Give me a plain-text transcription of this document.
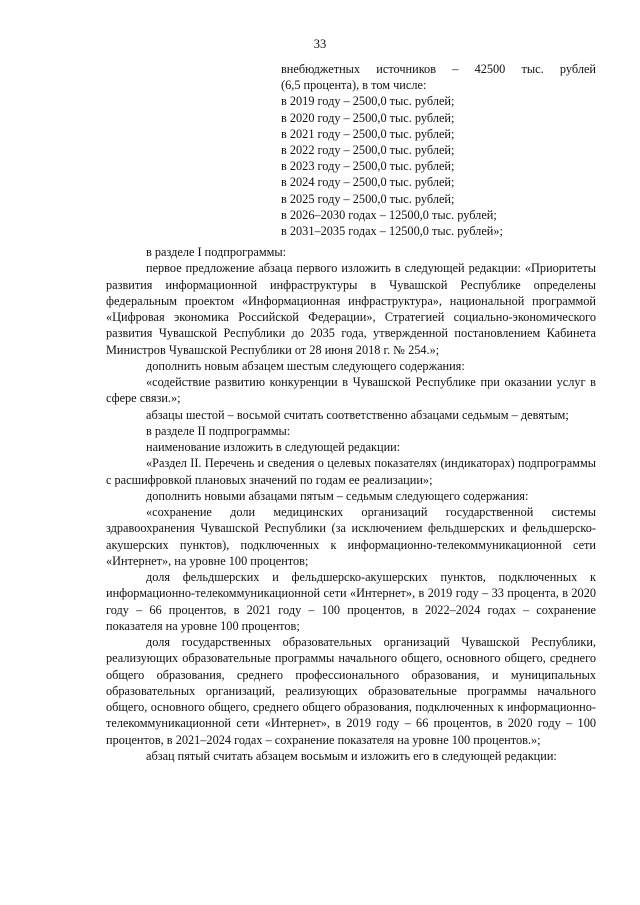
33

внебюджетных источников – 42500 тыс. рублей

(6,5 процента), в том числе:

в 2019 году – 2500,0 тыс. рублей;

в 2020 году – 2500,0 тыс. рублей;

в 2021 году – 2500,0 тыс. рублей;

в 2022 году – 2500,0 тыс. рублей;

в 2023 году – 2500,0 тыс. рублей;

в 2024 году – 2500,0 тыс. рублей;

в 2025 году – 2500,0 тыс. рублей;

в 2026–2030 годах – 12500,0 тыс. рублей;

в 2031–2035 годах – 12500,0 тыс. рублей»;

в разделе I подпрограммы:

первое предложение абзаца первого изложить в следующей редакции: «Приоритеты развития информационной инфраструктуры в Чувашской Республике определены федеральным проектом «Информационная инфраструктура», национальной программой «Цифровая экономика Российской Федерации», Стратегией социально-экономического развития Чувашской Республики до 2035 года, утвержденной постановлением Кабинета Министров Чувашской Республики от 28 июня 2018 г. № 254.»;

дополнить новым абзацем шестым следующего содержания:

«содействие развитию конкуренции в Чувашской Республике при оказании услуг в сфере связи.»;

абзацы шестой – восьмой считать соответственно абзацами седьмым – девятым;

в разделе II подпрограммы:

наименование изложить в следующей редакции:

«Раздел II. Перечень и сведения о целевых показателях (индикаторах) подпрограммы с расшифровкой плановых значений по годам ее реализации»;

дополнить новыми абзацами пятым – седьмым следующего содержания:

«сохранение доли медицинских организаций государственной системы здравоохранения Чувашской Республики (за исключением фельдшерских и фельдшерско-акушерских пунктов), подключенных к информационно-телекоммуникационной сети «Интернет», на уровне 100 процентов;

доля фельдшерских и фельдшерско-акушерских пунктов, подключенных к информационно-телекоммуникационной сети «Интернет», в 2019 году – 33 процента, в 2020 году – 66 процентов, в 2021 году – 100 процентов, в 2022–2024 годах – сохранение показателя на уровне 100 процентов;

доля государственных образовательных организаций Чувашской Республики, реализующих образовательные программы начального общего, основного общего, среднего общего образования, среднего профессионального образования, и муниципальных образовательных организаций, реализующих образовательные программы начального общего, основного общего, среднего общего образования, подключенных к информационно-телекоммуникационной сети «Интернет», в 2019 году – 66 процентов, в 2020 году – 100 процентов, в 2021–2024 годах – сохранение показателя на уровне 100 процентов.»;

абзац пятый считать абзацем восьмым и изложить его в следующей редакции:
